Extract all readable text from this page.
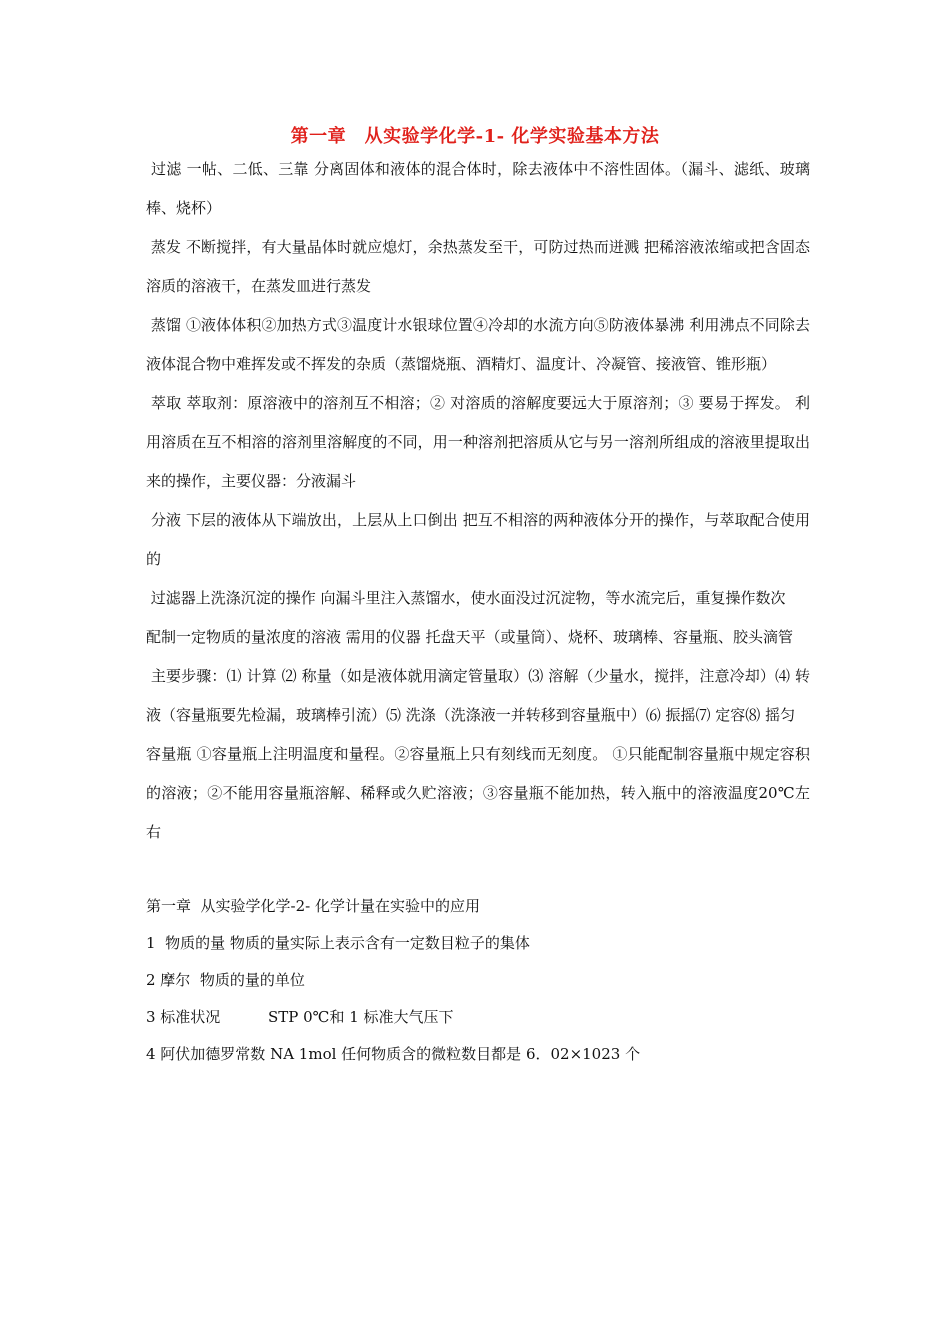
第一章　从实验学化学-1- 化学实验基本方法

过滤 一帖、二低、三靠 分离固体和液体的混合体时，除去液体中不溶性固体。（漏斗、滤纸、玻璃棒、烧杯）

蒸发 不断搅拌，有大量晶体时就应熄灯，余热蒸发至干，可防过热而迸溅 把稀溶液浓缩或把含固态溶质的溶液干，在蒸发皿进行蒸发

蒸馏 ①液体体积②加热方式③温度计水银球位置④冷却的水流方向⑤防液体暴沸 利用沸点不同除去液体混合物中难挥发或不挥发的杂质（蒸馏烧瓶、酒精灯、温度计、冷凝管、接液管、锥形瓶）

萃取 萃取剂：原溶液中的溶剂互不相溶；② 对溶质的溶解度要远大于原溶剂；③ 要易于挥发。 利用溶质在互不相溶的溶剂里溶解度的不同，用一种溶剂把溶质从它与另一溶剂所组成的溶液里提取出来的操作，主要仪器：分液漏斗

分液 下层的液体从下端放出，上层从上口倒出 把互不相溶的两种液体分开的操作，与萃取配合使用的

过滤器上洗涤沉淀的操作 向漏斗里注入蒸馏水，使水面没过沉淀物，等水流完后，重复操作数次

配制一定物质的量浓度的溶液 需用的仪器 托盘天平（或量筒）、烧杯、玻璃棒、容量瓶、胶头滴管

主要步骤：⑴ 计算 ⑵ 称量（如是液体就用滴定管量取）⑶ 溶解（少量水，搅拌，注意冷却）⑷ 转液（容量瓶要先检漏，玻璃棒引流）⑸ 洗涤（洗涤液一并转移到容量瓶中）⑹ 振摇⑺ 定容⑻ 摇匀

容量瓶 ①容量瓶上注明温度和量程。②容量瓶上只有刻线而无刻度。 ①只能配制容量瓶中规定容积的溶液；②不能用容量瓶溶解、稀释或久贮溶液；③容量瓶不能加热，转入瓶中的溶液温度20℃左右

第一章  从实验学化学-2- 化学计量在实验中的应用

1  物质的量 物质的量实际上表示含有一定数目粒子的集体

2 摩尔  物质的量的单位

3 标准状况          STP 0℃和 1 标准大气压下

4 阿伏加德罗常数 NA 1mol 任何物质含的微粒数目都是 6．02×1023 个
